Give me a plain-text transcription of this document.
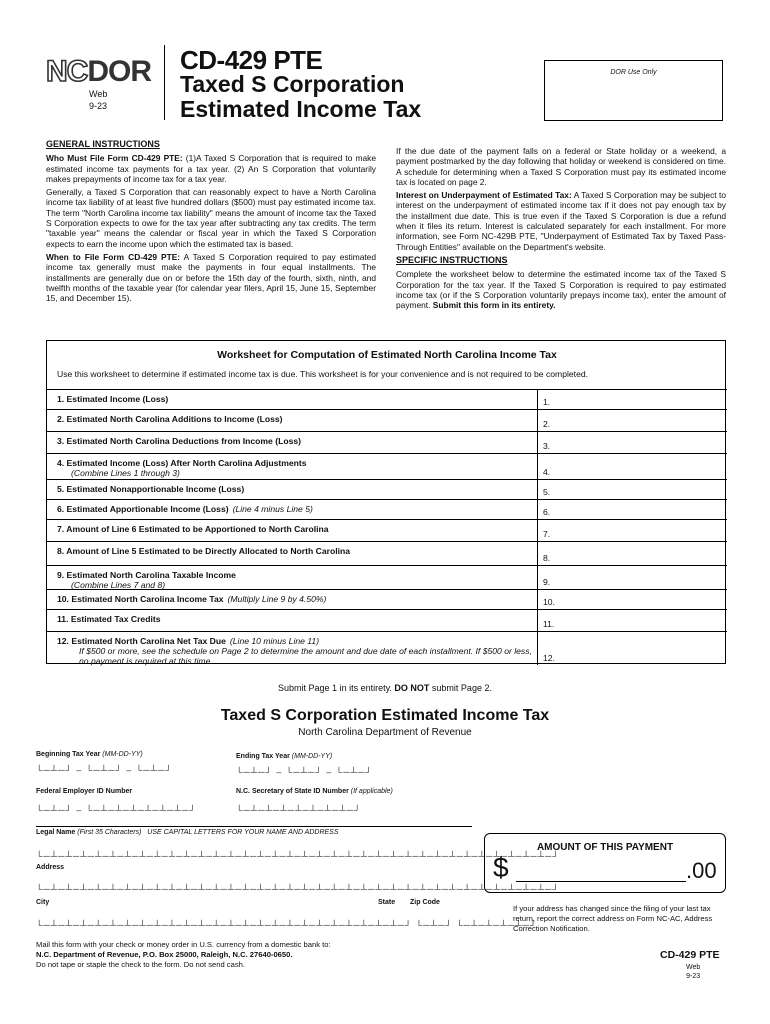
NCDOR
Web
9-23
CD-429 PTE
Taxed S Corporation
Estimated Income Tax
DOR Use Only
GENERAL INSTRUCTIONS

Who Must File Form CD-429 PTE: (1)A Taxed S Corporation that is required to make estimated income tax payments for a tax year. (2) An S Corporation that voluntarily makes prepayments of income tax for a tax year.

Generally, a Taxed S Corporation that can reasonably expect to have a North Carolina income tax liability of at least five hundred dollars ($500) must pay estimated income tax. The term "North Carolina income tax liability" means the amount of income tax the Taxed S Corporation expects to owe for the tax year after subtracting any tax credits. The term "taxable year" means the calendar or fiscal year in which the Taxed S Corporation expects to earn the income upon which the estimated tax is based.

When to File Form CD-429 PTE: A Taxed S Corporation required to pay estimated income tax generally must make the payments in four equal installments. The installments are generally due on or before the 15th day of the fourth, sixth, ninth, and twelfth months of the taxable year (for calendar year filers, April 15, June 15, September 15, and December 15).

If the due date of the payment falls on a federal or State holiday or a weekend, a payment postmarked by the day following that holiday or weekend is considered on time. A schedule for determining when a Taxed S Corporation must pay its estimated income tax is located on page 2.

Interest on Underpayment of Estimated Tax: A Taxed S Corporation may be subject to interest on the underpayment of estimated income tax if it does not pay enough tax by the installment due date. This is true even if the Taxed S Corporation is due a refund when it files its return. Interest is calculated separately for each installment. For more information, see Form NC-429B PTE, "Underpayment of Estimated Tax by Taxed Pass-Through Entities" available on the Department's website.

SPECIFIC INSTRUCTIONS

Complete the worksheet below to determine the estimated income tax of the Taxed S Corporation for the tax year. If the Taxed S Corporation is required to pay estimated income tax (or if the S Corporation voluntarily prepays income tax), enter the amount of payment. Submit this form in its entirety.

Worksheet for Computation of Estimated North Carolina Income Tax
Use this worksheet to determine if estimated income tax is due. This worksheet is for your convenience and is not required to be completed.
1. Estimated Income (Loss)	1.
2. Estimated North Carolina Additions to Income (Loss)	2.
3. Estimated North Carolina Deductions from Income (Loss)	3.
4. Estimated Income (Loss) After North Carolina Adjustments
(Combine Lines 1 through 3)	4.
5. Estimated Nonapportionable Income (Loss)	5.
6. Estimated Apportionable Income (Loss) (Line 4 minus Line 5)	6.
7. Amount of Line 6 Estimated to be Apportioned to North Carolina	7.
8. Amount of Line 5 Estimated to be Directly Allocated to North Carolina
8.
9. Estimated North Carolina Taxable Income
(Combine Lines 7 and 8)	9.
10. Estimated North Carolina Income Tax (Multiply Line 9 by 4.50%)	10.
11. Estimated Tax Credits	11.
12. Estimated North Carolina Net Tax Due (Line 10 minus Line 11)
If $500 or more, see the schedule on Page 2 to determine the amount and due date of each installment. If $500 or less, no payment is required at this time.	12.
Submit Page 1 in its entirety. DO NOT submit Page 2.
Taxed S Corporation Estimated Income Tax
North Carolina Department of Revenue
Beginning Tax Year (MM-DD-YY)
└─┴─┘ – └─┴─┘ – └─┴─┘
Ending Tax Year (MM-DD-YY)
└─┴─┘ – └─┴─┘ – └─┴─┘
Federal Employer ID Number
└─┴─┘ – └─┴─┴─┴─┴─┴─┴─┘
N.C. Secretary of State ID Number (If applicable)
└─┴─┴─┴─┴─┴─┴─┴─┘
Legal Name (First 35 Characters) USE CAPITAL LETTERS FOR YOUR NAME AND ADDRESS
└─┴─┴─┴─┴─┴─┴─┴─┴─┴─┴─┴─┴─┴─┴─┴─┴─┴─┴─┴─┴─┴─┴─┴─┴─┴─┴─┴─┴─┴─┴─┴─┴─┴─┴─┘
Address
└─┴─┴─┴─┴─┴─┴─┴─┴─┴─┴─┴─┴─┴─┴─┴─┴─┴─┴─┴─┴─┴─┴─┴─┴─┴─┴─┴─┴─┴─┴─┴─┴─┴─┴─┘
City	State Zip Code
└─┴─┴─┴─┴─┴─┴─┴─┴─┴─┴─┴─┴─┴─┴─┴─┴─┴─┴─┴─┴─┴─┴─┴─┴─┘ └─┴─┘ └─┴─┴─┴─┴─┘
AMOUNT OF THIS PAYMENT
$	.00
If your address has changed since the filing of your last tax return, report the correct address on Form NC-AC, Address Correction Notification.
Mail this form with your check or money order in U.S. currency from a domestic bank to:
N.C. Department of Revenue, P.O. Box 25000, Raleigh, N.C. 27640-0650.
Do not tape or staple the check to the form. Do not send cash.
CD-429 PTE
Web
9-23
